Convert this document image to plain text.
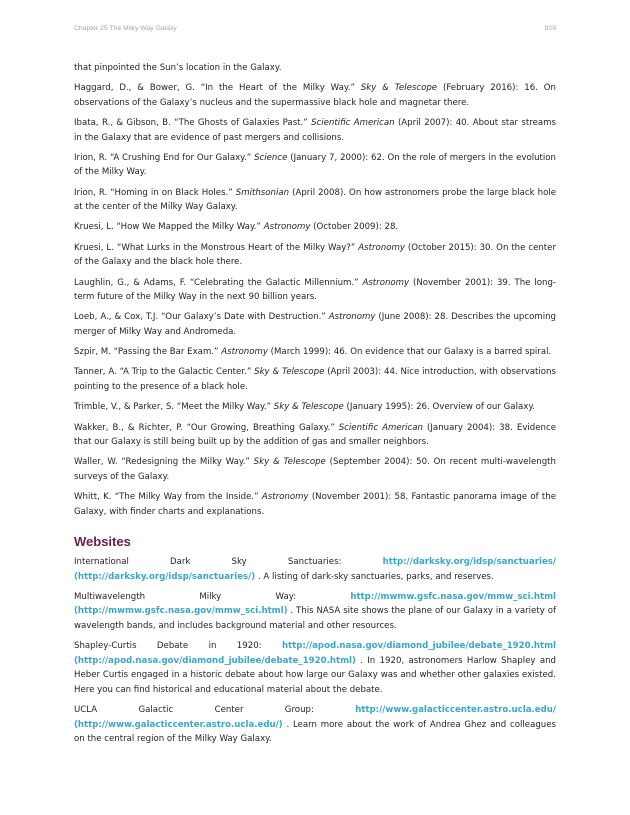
Chapter 25 The Milky Way Galaxy	929

that pinpointed the Sun’s location in the Galaxy.

Haggard, D., & Bower, G. “In the Heart of the Milky Way.” Sky & Telescope (February 2016): 16. On observations of the Galaxy’s nucleus and the supermassive black hole and magnetar there.

Ibata, R., & Gibson, B. “The Ghosts of Galaxies Past.” Scientific American (April 2007): 40. About star streams in the Galaxy that are evidence of past mergers and collisions.

Irion, R. “A Crushing End for Our Galaxy.” Science (January 7, 2000): 62. On the role of mergers in the evolution of the Milky Way.

Irion, R. “Homing in on Black Holes.” Smithsonian (April 2008). On how astronomers probe the large black hole at the center of the Milky Way Galaxy.

Kruesi, L. “How We Mapped the Milky Way.” Astronomy (October 2009): 28.

Kruesi, L. “What Lurks in the Monstrous Heart of the Milky Way?” Astronomy (October 2015): 30. On the center of the Galaxy and the black hole there.

Laughlin, G., & Adams, F. “Celebrating the Galactic Millennium.” Astronomy (November 2001): 39. The long-term future of the Milky Way in the next 90 billion years.

Loeb, A., & Cox, T.J. “Our Galaxy’s Date with Destruction.” Astronomy (June 2008): 28. Describes the upcoming merger of Milky Way and Andromeda.

Szpir, M. “Passing the Bar Exam.” Astronomy (March 1999): 46. On evidence that our Galaxy is a barred spiral.

Tanner, A. “A Trip to the Galactic Center.” Sky & Telescope (April 2003): 44. Nice introduction, with observations pointing to the presence of a black hole.

Trimble, V., & Parker, S. “Meet the Milky Way.” Sky & Telescope (January 1995): 26. Overview of our Galaxy.

Wakker, B., & Richter, P. “Our Growing, Breathing Galaxy.” Scientific American (January 2004): 38. Evidence that our Galaxy is still being built up by the addition of gas and smaller neighbors.

Waller, W. “Redesigning the Milky Way.” Sky & Telescope (September 2004): 50. On recent multi-wavelength surveys of the Galaxy.

Whitt, K. “The Milky Way from the Inside.” Astronomy (November 2001): 58. Fantastic panorama image of the Galaxy, with finder charts and explanations.

Websites

International Dark Sky Sanctuaries: http://darksky.org/idsp/sanctuaries/ (http://darksky.org/idsp/sanctuaries/) . A listing of dark-sky sanctuaries, parks, and reserves.

Multiwavelength Milky Way: http://mwmw.gsfc.nasa.gov/mmw_sci.html (http://mwmw.gsfc.nasa.gov/mmw_sci.html) . This NASA site shows the plane of our Galaxy in a variety of wavelength bands, and includes background material and other resources.

Shapley-Curtis Debate in 1920: http://apod.nasa.gov/diamond_jubilee/debate_1920.html (http://apod.nasa.gov/diamond_jubilee/debate_1920.html) . In 1920, astronomers Harlow Shapley and Heber Curtis engaged in a historic debate about how large our Galaxy was and whether other galaxies existed. Here you can find historical and educational material about the debate.

UCLA Galactic Center Group: http://www.galacticcenter.astro.ucla.edu/ (http://www.galacticcenter.astro.ucla.edu/) . Learn more about the work of Andrea Ghez and colleagues on the central region of the Milky Way Galaxy.
